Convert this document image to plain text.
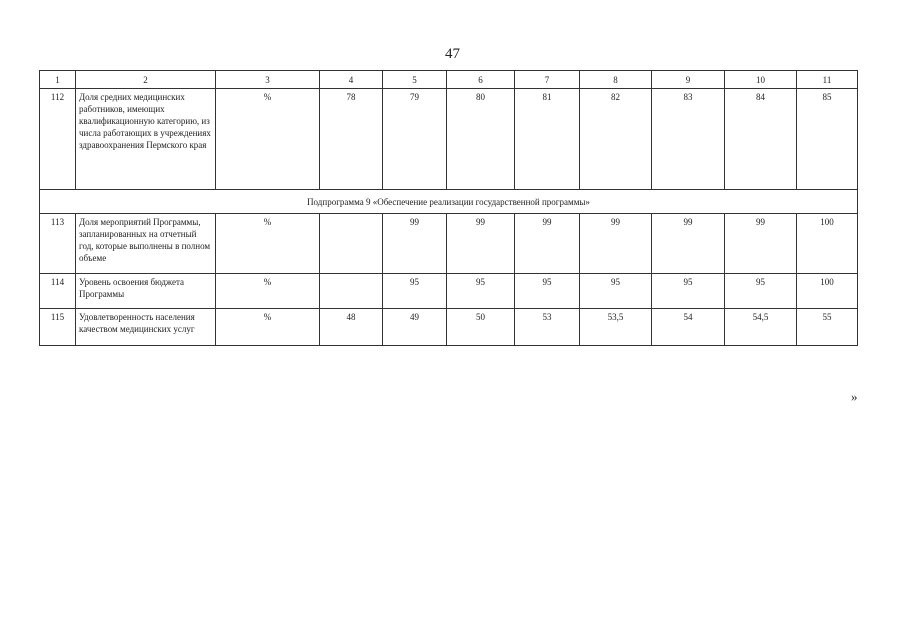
47
1	2	3	4	5	6	7	8	9	10	11
112	Доля средних медицинских работников, имеющих квалификационную категорию, из числа работающих в учреждениях здравоохранения Пермского края	%	78	79	80	81	82	83	84	85
Подпрограмма 9 «Обеспечение реализации государственной программы»										
113	Доля мероприятий Программы, запланированных на отчетный год, которые выполнены в полном объеме	%		99	99	99	99	99	99	100
114	Уровень освоения бюджета Программы	%		95	95	95	95	95	95	100
115	Удовлетворенность населения качеством медицинских услуг	%	48	49	50	53	53,5	54	54,5	55
»
